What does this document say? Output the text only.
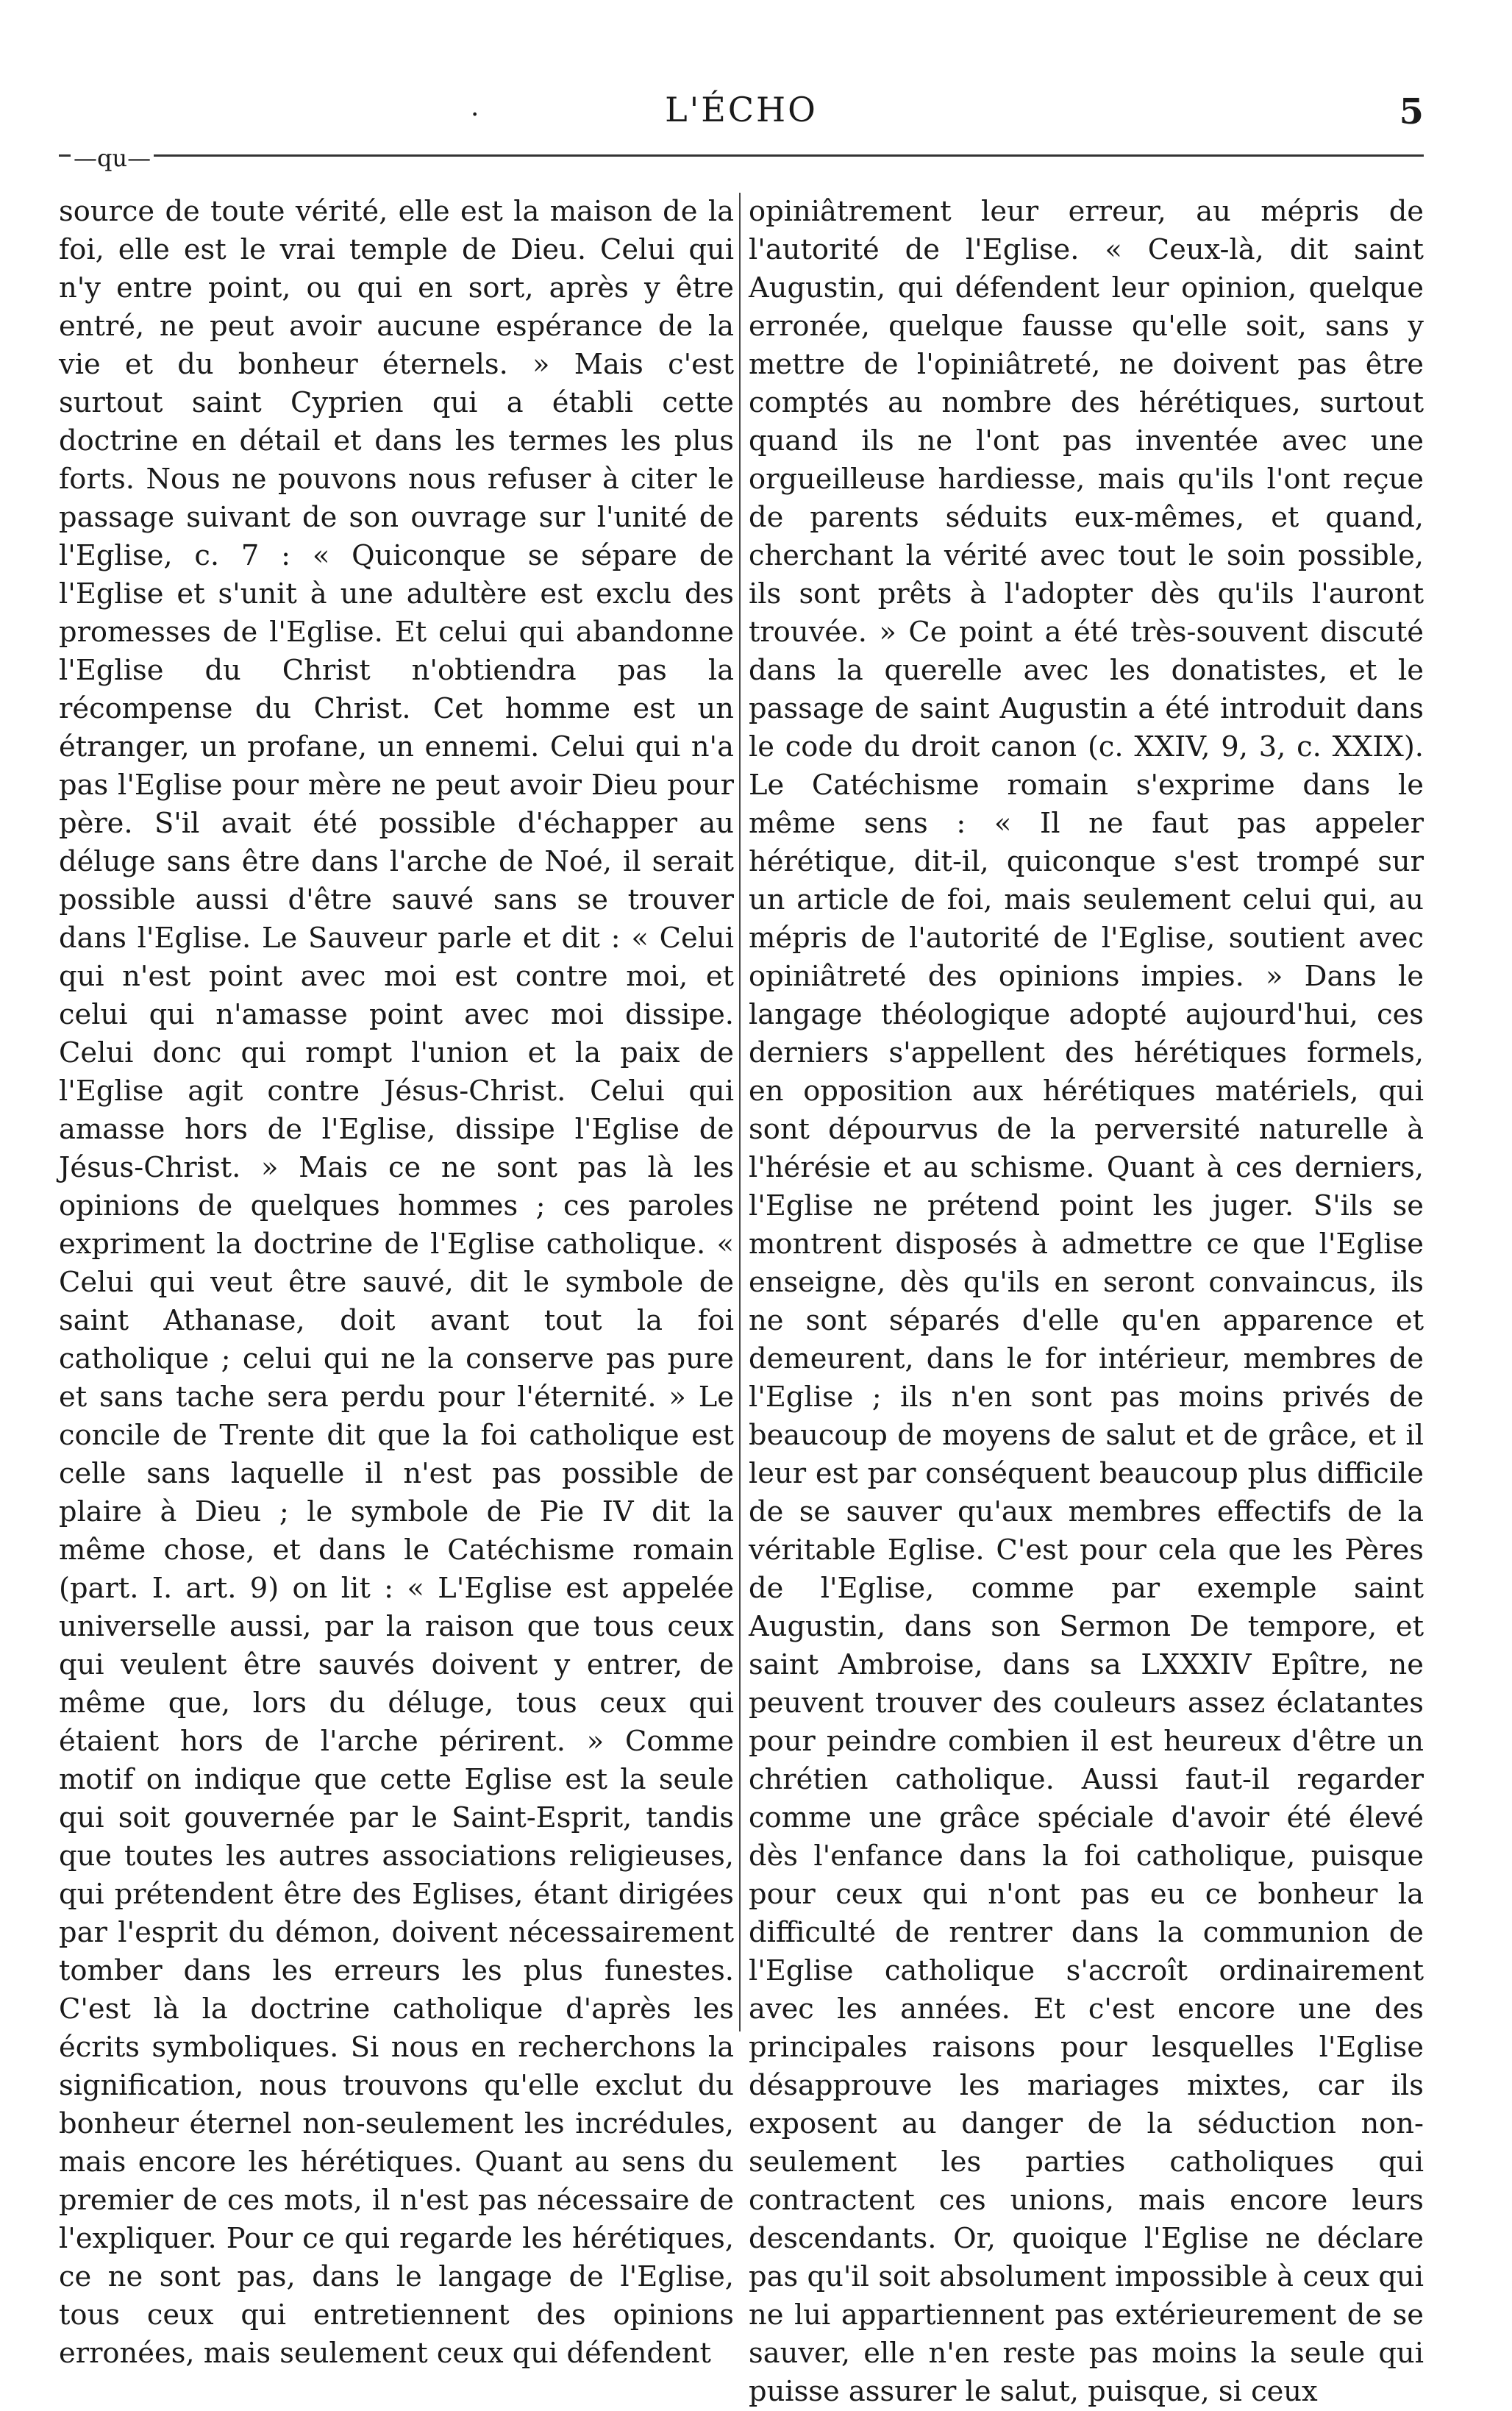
·	L'ÉCHO	5
—qu—

source de toute vérité, elle est la maison de la foi, elle est le vrai temple de Dieu. Celui qui n'y entre point, ou qui en sort, après y être entré, ne peut avoir aucune espérance de la vie et du bonheur éternels. » Mais c'est surtout saint Cyprien qui a établi cette doctrine en détail et dans les termes les plus forts. Nous ne pouvons nous refuser à citer le passage suivant de son ouvrage sur l'unité de l'Eglise, c. 7 : « Quiconque se sépare de l'Eglise et s'unit à une adultère est exclu des promesses de l'Eglise. Et celui qui abandonne l'Eglise du Christ n'obtiendra pas la récompense du Christ. Cet homme est un étranger, un profane, un ennemi. Celui qui n'a pas l'Eglise pour mère ne peut avoir Dieu pour père. S'il avait été possible d'échapper au déluge sans être dans l'arche de Noé, il serait possible aussi d'être sauvé sans se trouver dans l'Eglise. Le Sauveur parle et dit : « Celui qui n'est point avec moi est contre moi, et celui qui n'amasse point avec moi dissipe. Celui donc qui rompt l'union et la paix de l'Eglise agit contre Jésus-Christ. Celui qui amasse hors de l'Eglise, dissipe l'Eglise de Jésus-Christ. » Mais ce ne sont pas là les opinions de quelques hommes ; ces paroles expriment la doctrine de l'Eglise catholique. « Celui qui veut être sauvé, dit le symbole de saint Athanase, doit avant tout la foi catholique ; celui qui ne la conserve pas pure et sans tache sera perdu pour l'éternité. » Le concile de Trente dit que la foi catholique est celle sans laquelle il n'est pas possible de plaire à Dieu ; le symbole de Pie IV dit la même chose, et dans le Catéchisme romain (part. I. art. 9) on lit : « L'Eglise est appelée universelle aussi, par la raison que tous ceux qui veulent être sauvés doivent y entrer, de même que, lors du déluge, tous ceux qui étaient hors de l'arche périrent. » Comme motif on indique que cette Eglise est la seule qui soit gouvernée par le Saint-Esprit, tandis que toutes les autres associations religieuses, qui prétendent être des Eglises, étant dirigées par l'esprit du démon, doivent nécessairement tomber dans les erreurs les plus funestes. C'est là la doctrine catholique d'après les écrits symboliques. Si nous en recherchons la signification, nous trouvons qu'elle exclut du bonheur éternel non-seulement les incrédules, mais encore les hérétiques. Quant au sens du premier de ces mots, il n'est pas nécessaire de l'expliquer. Pour ce qui regarde les hérétiques, ce ne sont pas, dans le langage de l'Eglise, tous ceux qui entretiennent des opinions erronées, mais seulement ceux qui défendent

opiniâtrement leur erreur, au mépris de l'autorité de l'Eglise. « Ceux-là, dit saint Augustin, qui défendent leur opinion, quelque erronée, quelque fausse qu'elle soit, sans y mettre de l'opiniâtreté, ne doivent pas être comptés au nombre des hérétiques, surtout quand ils ne l'ont pas inventée avec une orgueilleuse hardiesse, mais qu'ils l'ont reçue de parents séduits eux-mêmes, et quand, cherchant la vérité avec tout le soin possible, ils sont prêts à l'adopter dès qu'ils l'auront trouvée. » Ce point a été très-souvent discuté dans la querelle avec les donatistes, et le passage de saint Augustin a été introduit dans le code du droit canon (c. XXIV, 9, 3, c. XXIX). Le Catéchisme romain s'exprime dans le même sens : « Il ne faut pas appeler hérétique, dit-il, quiconque s'est trompé sur un article de foi, mais seulement celui qui, au mépris de l'autorité de l'Eglise, soutient avec opiniâtreté des opinions impies. » Dans le langage théologique adopté aujourd'hui, ces derniers s'appellent des hérétiques formels, en opposition aux hérétiques matériels, qui sont dépourvus de la perversité naturelle à l'hérésie et au schisme. Quant à ces derniers, l'Eglise ne prétend point les juger. S'ils se montrent disposés à admettre ce que l'Eglise enseigne, dès qu'ils en seront convaincus, ils ne sont séparés d'elle qu'en apparence et demeurent, dans le for intérieur, membres de l'Eglise ; ils n'en sont pas moins privés de beaucoup de moyens de salut et de grâce, et il leur est par conséquent beaucoup plus difficile de se sauver qu'aux membres effectifs de la véritable Eglise. C'est pour cela que les Pères de l'Eglise, comme par exemple saint Augustin, dans son Sermon De tempore, et saint Ambroise, dans sa LXXXIV Epître, ne peuvent trouver des couleurs assez éclatantes pour peindre combien il est heureux d'être un chrétien catholique. Aussi faut-il regarder comme une grâce spéciale d'avoir été élevé dès l'enfance dans la foi catholique, puisque pour ceux qui n'ont pas eu ce bonheur la difficulté de rentrer dans la communion de l'Eglise catholique s'accroît ordinairement avec les années. Et c'est encore une des principales raisons pour lesquelles l'Eglise désapprouve les mariages mixtes, car ils exposent au danger de la séduction non-seulement les parties catholiques qui contractent ces unions, mais encore leurs descendants. Or, quoique l'Eglise ne déclare pas qu'il soit absolument impossible à ceux qui ne lui appartiennent pas extérieurement de se sauver, elle n'en reste pas moins la seule qui puisse assurer le salut, puisque, si ceux
